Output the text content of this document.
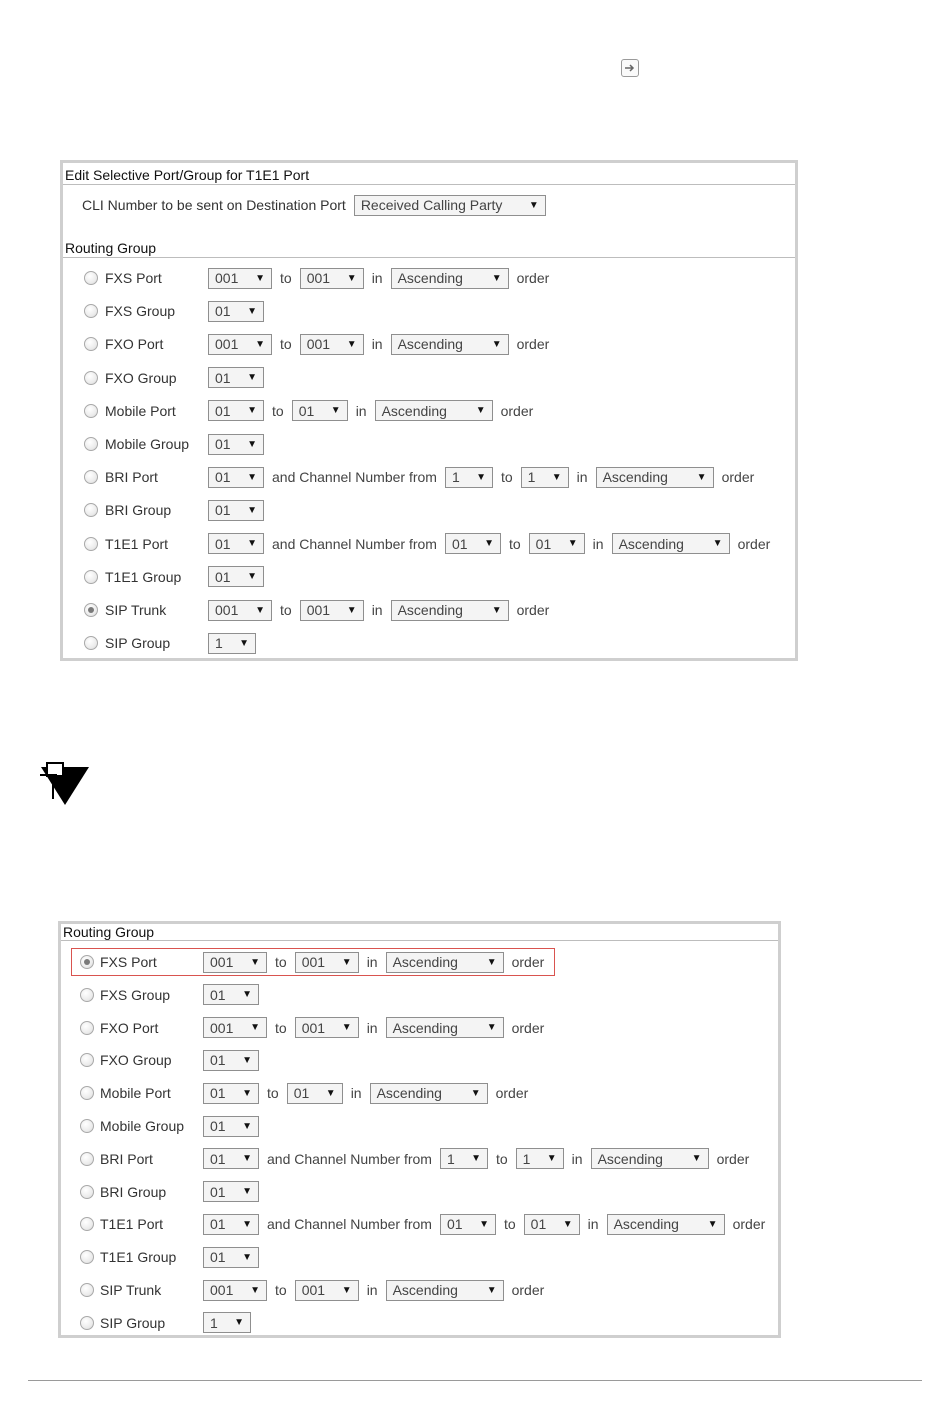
Edit Selective Port/Group for T1E1 Port
CLI Number to be sent on Destination Port Received Calling Party	▼
Routing Group
FXS Port	001 ▼ to 001 ▼ in Ascending	▼ order
FXS Group	01 ▼
FXO Port	001 ▼ to 001 ▼ in Ascending	▼ order
FXO Group	01 ▼
Mobile Port	01 ▼ to 01 ▼ in Ascending	▼ order
Mobile Group 01 ▼
BRI Port	01 ▼ and Channel Number from 1 ▼ to 1 ▼ in Ascending	▼ order
BRI Group	01 ▼
T1E1 Port	01 ▼ and Channel Number from 01 ▼ to 01 ▼ in Ascending	▼ order
T1E1 Group 01 ▼
SIP Trunk	001 ▼ to 001 ▼ in Ascending	▼ order
SIP Group	1 ▼
Routing Group
FXS Port	001 ▼ to 001 ▼ in Ascending	▼ order
FXS Group	01 ▼
FXO Port	001 ▼ to 001 ▼ in Ascending	▼ order
FXO Group	01 ▼
Mobile Port	01 ▼ to 01 ▼ in Ascending	▼ order
Mobile Group 01 ▼
BRI Port	01 ▼ and Channel Number from 1 ▼ to 1 ▼ in Ascending	▼ order
BRI Group	01 ▼
T1E1 Port	01 ▼ and Channel Number from 01 ▼ to 01 ▼ in Ascending	▼ order
T1E1 Group 01 ▼
SIP Trunk	001 ▼ to 001 ▼ in Ascending	▼ order
SIP Group	1 ▼
